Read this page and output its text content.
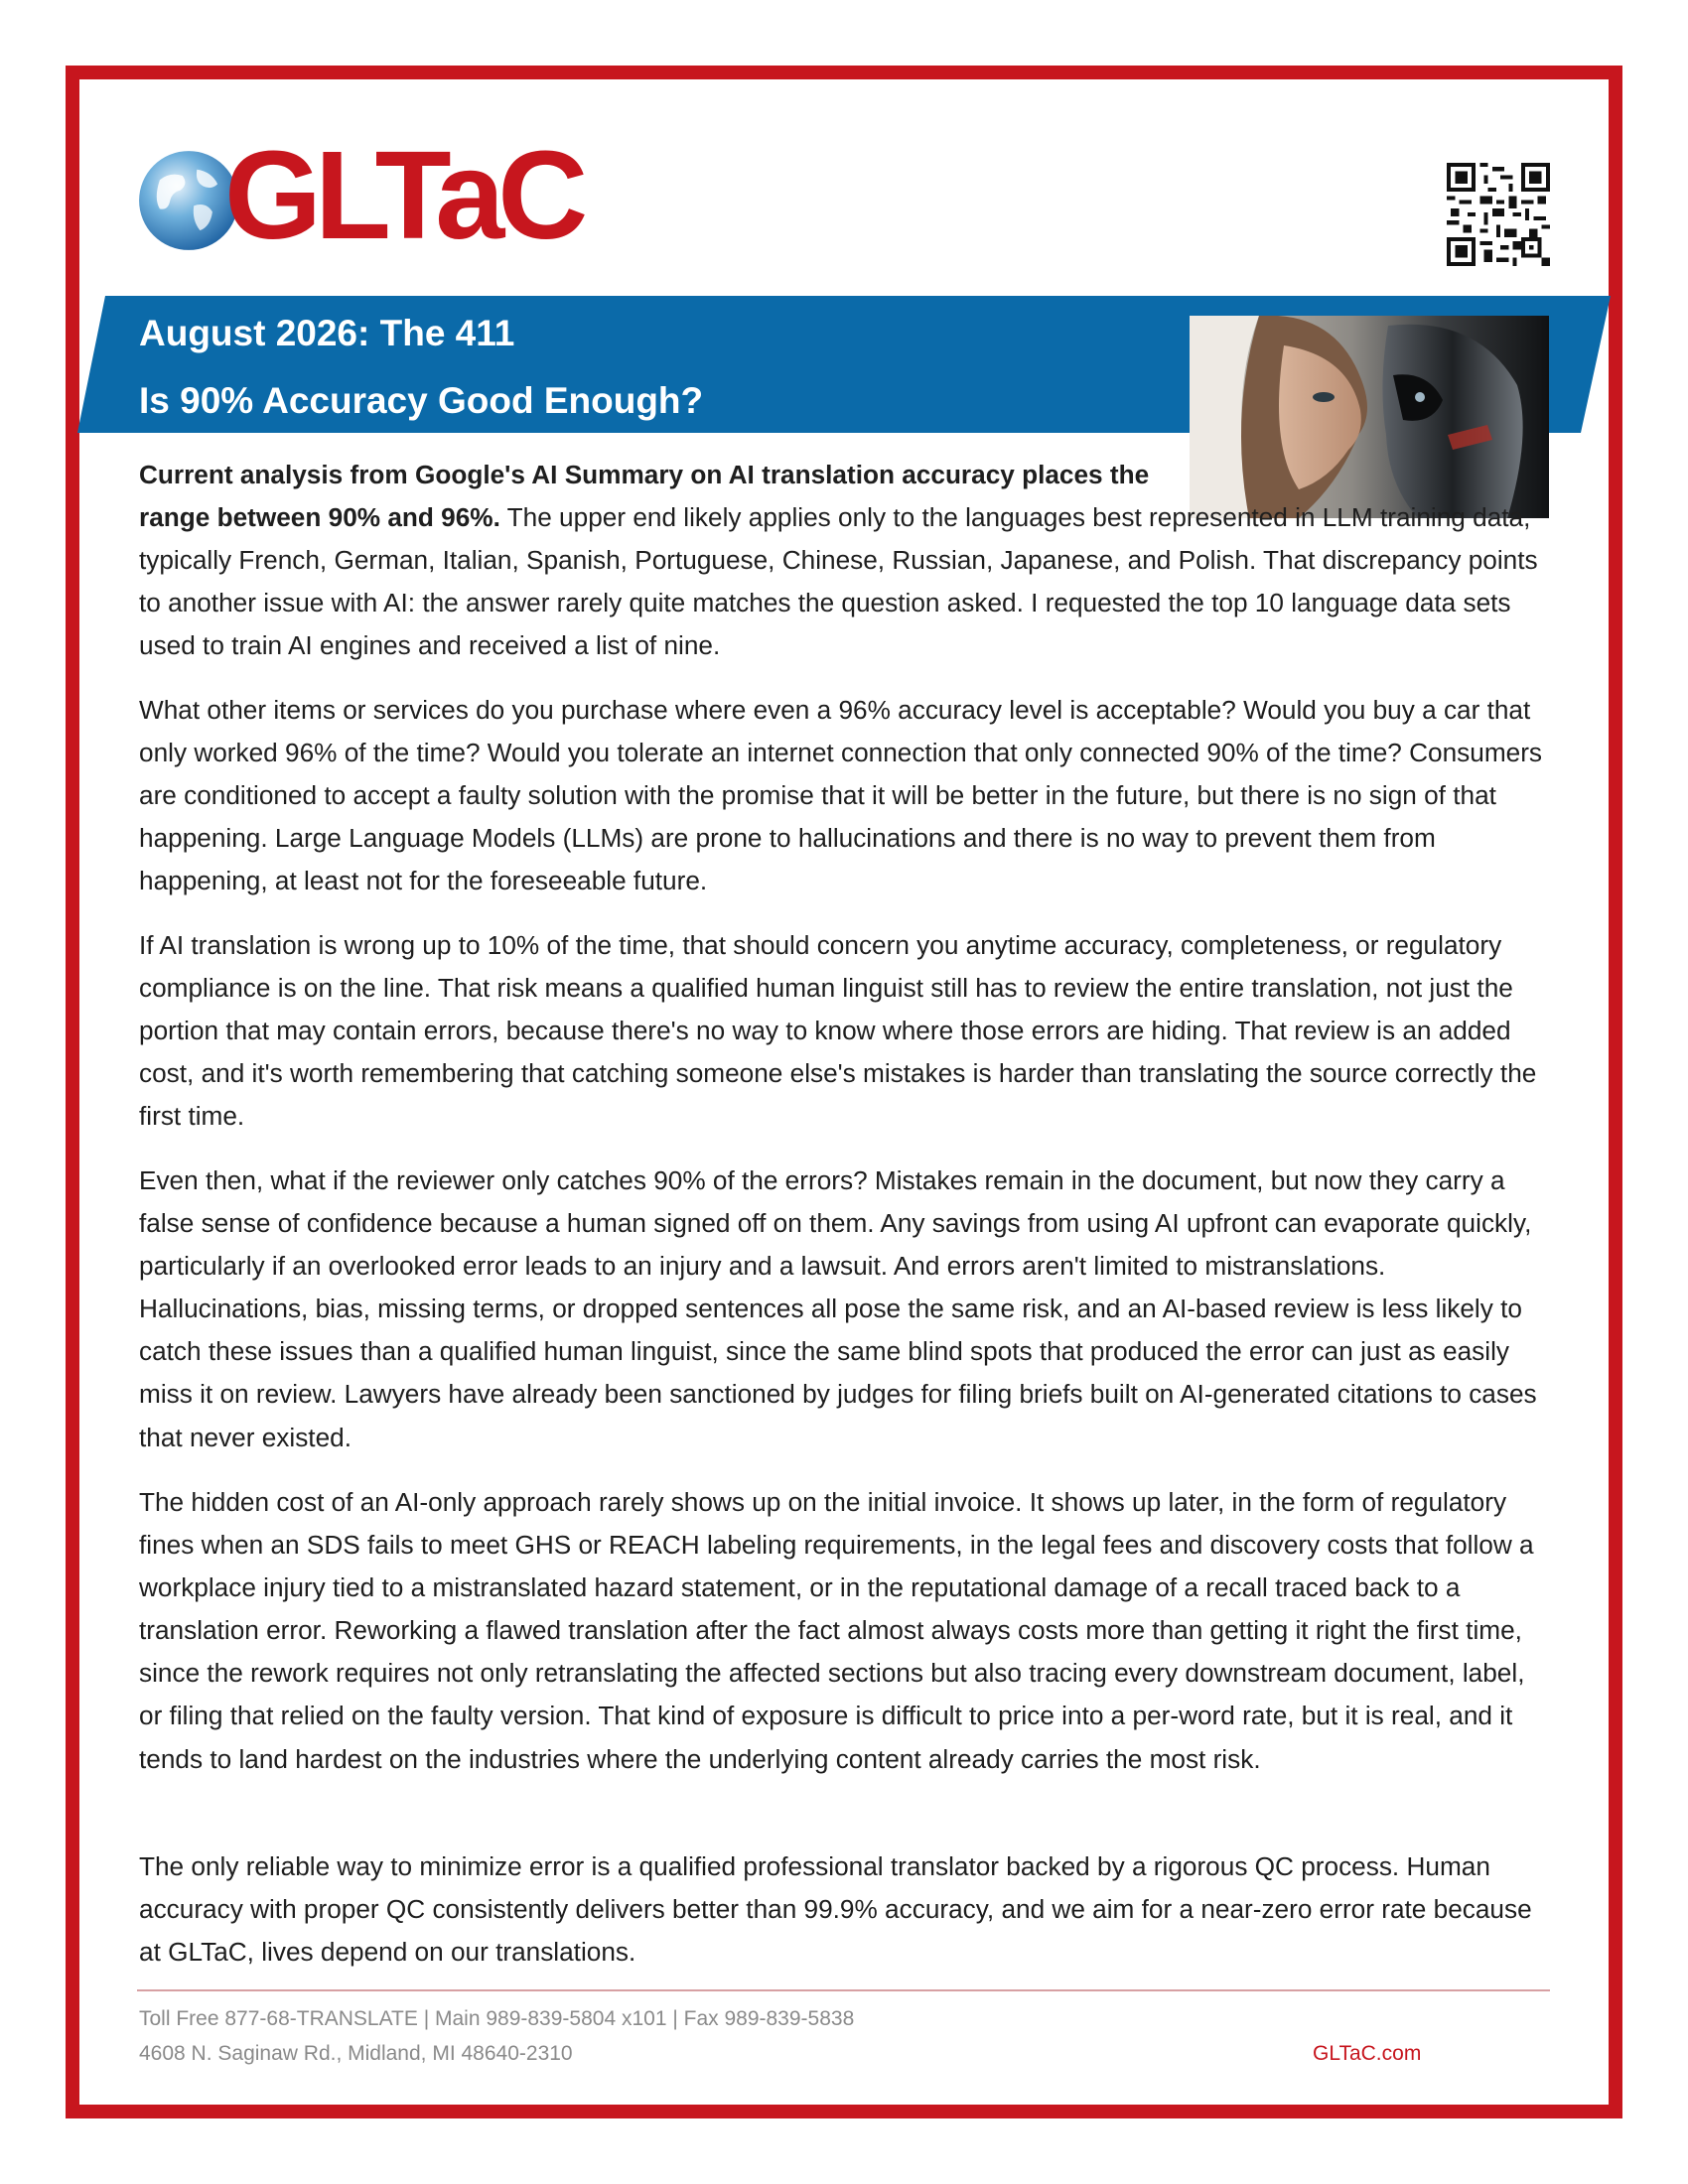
GLTaC
August 2026: The 411
Is 90% Accuracy Good Enough?

Current analysis from Google's AI Summary on AI translation accuracy places the
range between 90% and 96%. The upper end likely applies only to the languages best represented in LLM training data, typically French, German, Italian, Spanish, Portuguese, Chinese, Russian, Japanese, and Polish. That discrepancy points to another issue with AI: the answer rarely quite matches the question asked. I requested the top 10 language data sets used to train AI engines and received a list of nine.

What other items or services do you purchase where even a 96% accuracy level is acceptable? Would you buy a car that only worked 96% of the time? Would you tolerate an internet connection that only connected 90% of the time? Consumers are conditioned to accept a faulty solution with the promise that it will be better in the future, but there is no sign of that happening. Large Language Models (LLMs) are prone to hallucinations and there is no way to prevent them from happening, at least not for the foreseeable future.

If AI translation is wrong up to 10% of the time, that should concern you anytime accuracy, completeness, or regulatory compliance is on the line. That risk means a qualified human linguist still has to review the entire translation, not just the portion that may contain errors, because there's no way to know where those errors are hiding. That review is an added cost, and it's worth remembering that catching someone else's mistakes is harder than translating the source correctly the first time.

Even then, what if the reviewer only catches 90% of the errors? Mistakes remain in the document, but now they carry a false sense of confidence because a human signed off on them. Any savings from using AI upfront can evaporate quickly, particularly if an overlooked error leads to an injury and a lawsuit. And errors aren't limited to mistranslations. Hallucinations, bias, missing terms, or dropped sentences all pose the same risk, and an AI-based review is less likely to catch these issues than a qualified human linguist, since the same blind spots that produced the error can just as easily miss it on review. Lawyers have already been sanctioned by judges for filing briefs built on AI-generated citations to cases that never existed.

The hidden cost of an AI-only approach rarely shows up on the initial invoice. It shows up later, in the form of regulatory fines when an SDS fails to meet GHS or REACH labeling requirements, in the legal fees and discovery costs that follow a workplace injury tied to a mistranslated hazard statement, or in the reputational damage of a recall traced back to a translation error. Reworking a flawed translation after the fact almost always costs more than getting it right the first time, since the rework requires not only retranslating the affected sections but also tracing every downstream document, label, or filing that relied on the faulty version. That kind of exposure is difficult to price into a per-word rate, but it is real, and it tends to land hardest on the industries where the underlying content already carries the most risk.

The only reliable way to minimize error is a qualified professional translator backed by a rigorous QC process. Human accuracy with proper QC consistently delivers better than 99.9% accuracy, and we aim for a near-zero error rate because at GLTaC, lives depend on our translations.

Toll Free 877-68-TRANSLATE | Main 989-839-5804 x101 | Fax 989-839-5838
4608 N. Saginaw Rd., Midland, MI 48640-2310	GLTaC.com
